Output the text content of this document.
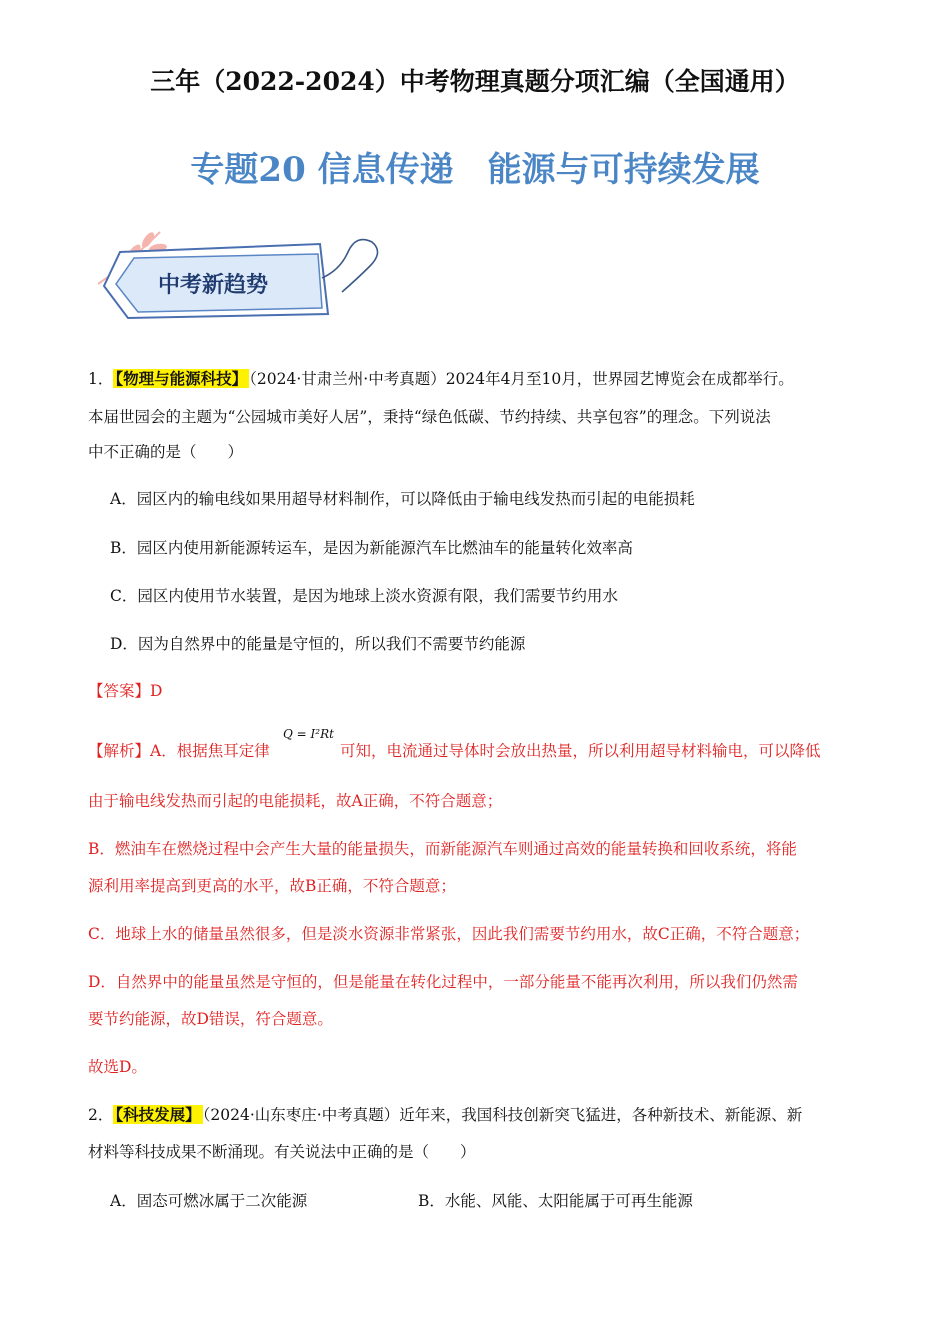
三年（2022-2024）中考物理真题分项汇编（全国通用）
专题20 信息传递　能源与可持续发展
中考新趋势
1． 【物理与能源科技】 （2024·甘肃兰州·中考真题）2024年4月至10月，世界园艺博览会在成都举行。
本届世园会的主题为“公园城市美好人居”，秉持“绿色低碳、节约持续、共享包容”的理念。下列说法
中不正确的是（　　）
A．园区内的输电线如果用超导材料制作，可以降低由于输电线发热而引起的电能损耗
B．园区内使用新能源转运车，是因为新能源汽车比燃油车的能量转化效率高
C．园区内使用节水装置，是因为地球上淡水资源有限，我们需要节约用水
D．因为自然界中的能量是守恒的，所以我们不需要节约能源
【答案】D
Q = I²Rt
【解析】A．根据焦耳定律	可知，电流通过导体时会放出热量，所以利用超导材料输电，可以降低
由于输电线发热而引起的电能损耗，故A正确，不符合题意；
B．燃油车在燃烧过程中会产生大量的能量损失，而新能源汽车则通过高效的能量转换和回收系统，将能
源利用率提高到更高的水平，故B正确，不符合题意；
C．地球上水的储量虽然很多，但是淡水资源非常紧张，因此我们需要节约用水，故C正确，不符合题意；
D．自然界中的能量虽然是守恒的，但是能量在转化过程中，一部分能量不能再次利用，所以我们仍然需
要节约能源，故D错误，符合题意。
故选D。
2． 【科技发展】 （2024·山东枣庄·中考真题）近年来，我国科技创新突飞猛进，各种新技术、新能源、新
材料等科技成果不断涌现。有关说法中正确的是（　　）
A．固态可燃冰属于二次能源	B．水能、风能、太阳能属于可再生能源
